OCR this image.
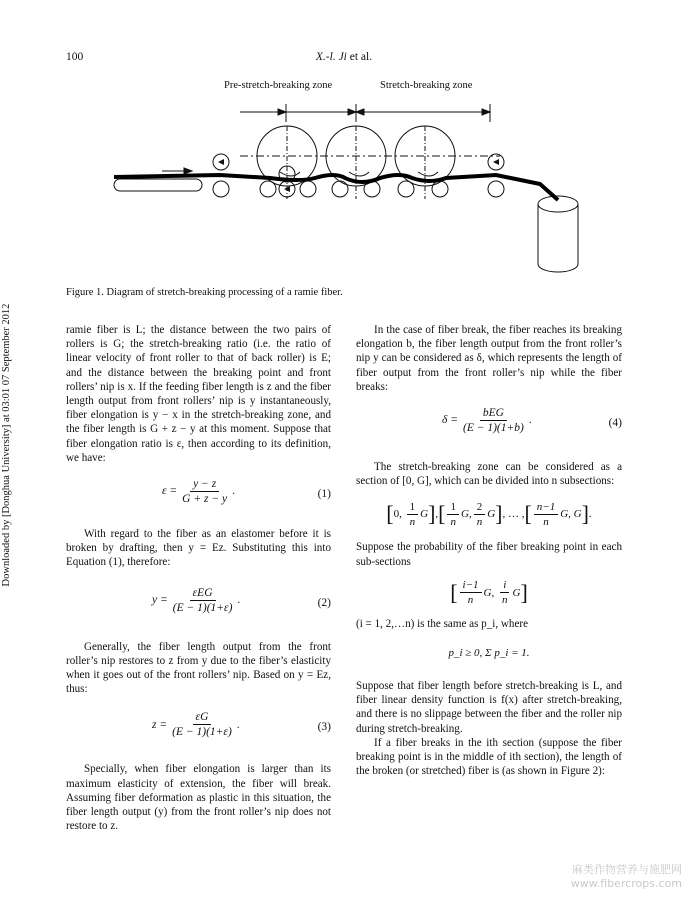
100	X.-l. Ji et al.
Downloaded by [Donghua University] at 03:01 07 September 2012
Pre-stretch-breaking zone	Stretch-breaking zone
Figure 1. Diagram of stretch-breaking processing of a ramie fiber.

ramie fiber is L; the distance between the two pairs of rollers is G; the stretch-breaking ratio (i.e. the ratio of linear velocity of front roller to that of back roller) is E; and the distance between the breaking point and front rollers’ nip is x. If the feeding fiber length is z and the fiber length output from front rollers’ nip is y instantaneously, fiber elongation is y − x in the stretch-breaking zone, and the fiber length is G + z − y at this moment. Suppose that fiber elongation ratio is ε, then according to its definition, we have:

$\varepsilon = \frac{y - z}{G + z - y}$ .	(1)

With regard to the fiber as an elastomer before it is broken by drafting, then y = Ez. Substituting this into Equation (1), therefore:

$y = \frac{\text{εEG}}{(E - 1)(1+\varepsilon)}$ .	(2)

Generally, the fiber length output from the front roller’s nip restores to z from y due to the fiber’s elasticity when it goes out of the front rollers’ nip. Based on y = Ez, thus:

$z = \frac{\varepsilon G}{(E - 1)(1+\varepsilon)}$ .	(3)

Specially, when fiber elongation is larger than its maximum elasticity of extension, the fiber will break. Assuming fiber deformation as plastic in this situation, the fiber length output (y) from the front roller’s nip does not restore to z.

In the case of fiber break, the fiber reaches its breaking elongation b, the fiber length output from the front roller’s nip y can be considered as δ, which represents the length of fiber output from the front roller’s nip while the fiber breaks:

$\delta = \frac{\text{bEG}}{(E - 1)(1+b)}$ .	(4)

The stretch-breaking zone can be considered as a section of [0, G], which can be divided into n subsections:

[ 0, $\frac{1}{n}$ G ] , [ $\frac{1}{n} G$, $\frac{2}{n}$ G ] , … , [ $\frac{n-1}{n} G$, G ] .

Suppose the probability of the fiber breaking point in each sub-sections

[ $\frac{i-1}{n} G$, $\frac{i}{n}$ G ]

(i = 1, 2,…n) is the same as p_i, where

p_i ≥ 0, Σ p_i = 1.

Suppose that fiber length before stretch-breaking is L, and fiber linear density function is f(x) after stretch-breaking, and there is no slippage between the fiber and the roller nip during stretch-breaking.

If a fiber breaks in the ith section (suppose the fiber breaking point is in the middle of ith section), the length of the broken (or stretched) fiber is (as shown in Figure 2):

麻类作物营养与施肥网
www.fibercrops.com
